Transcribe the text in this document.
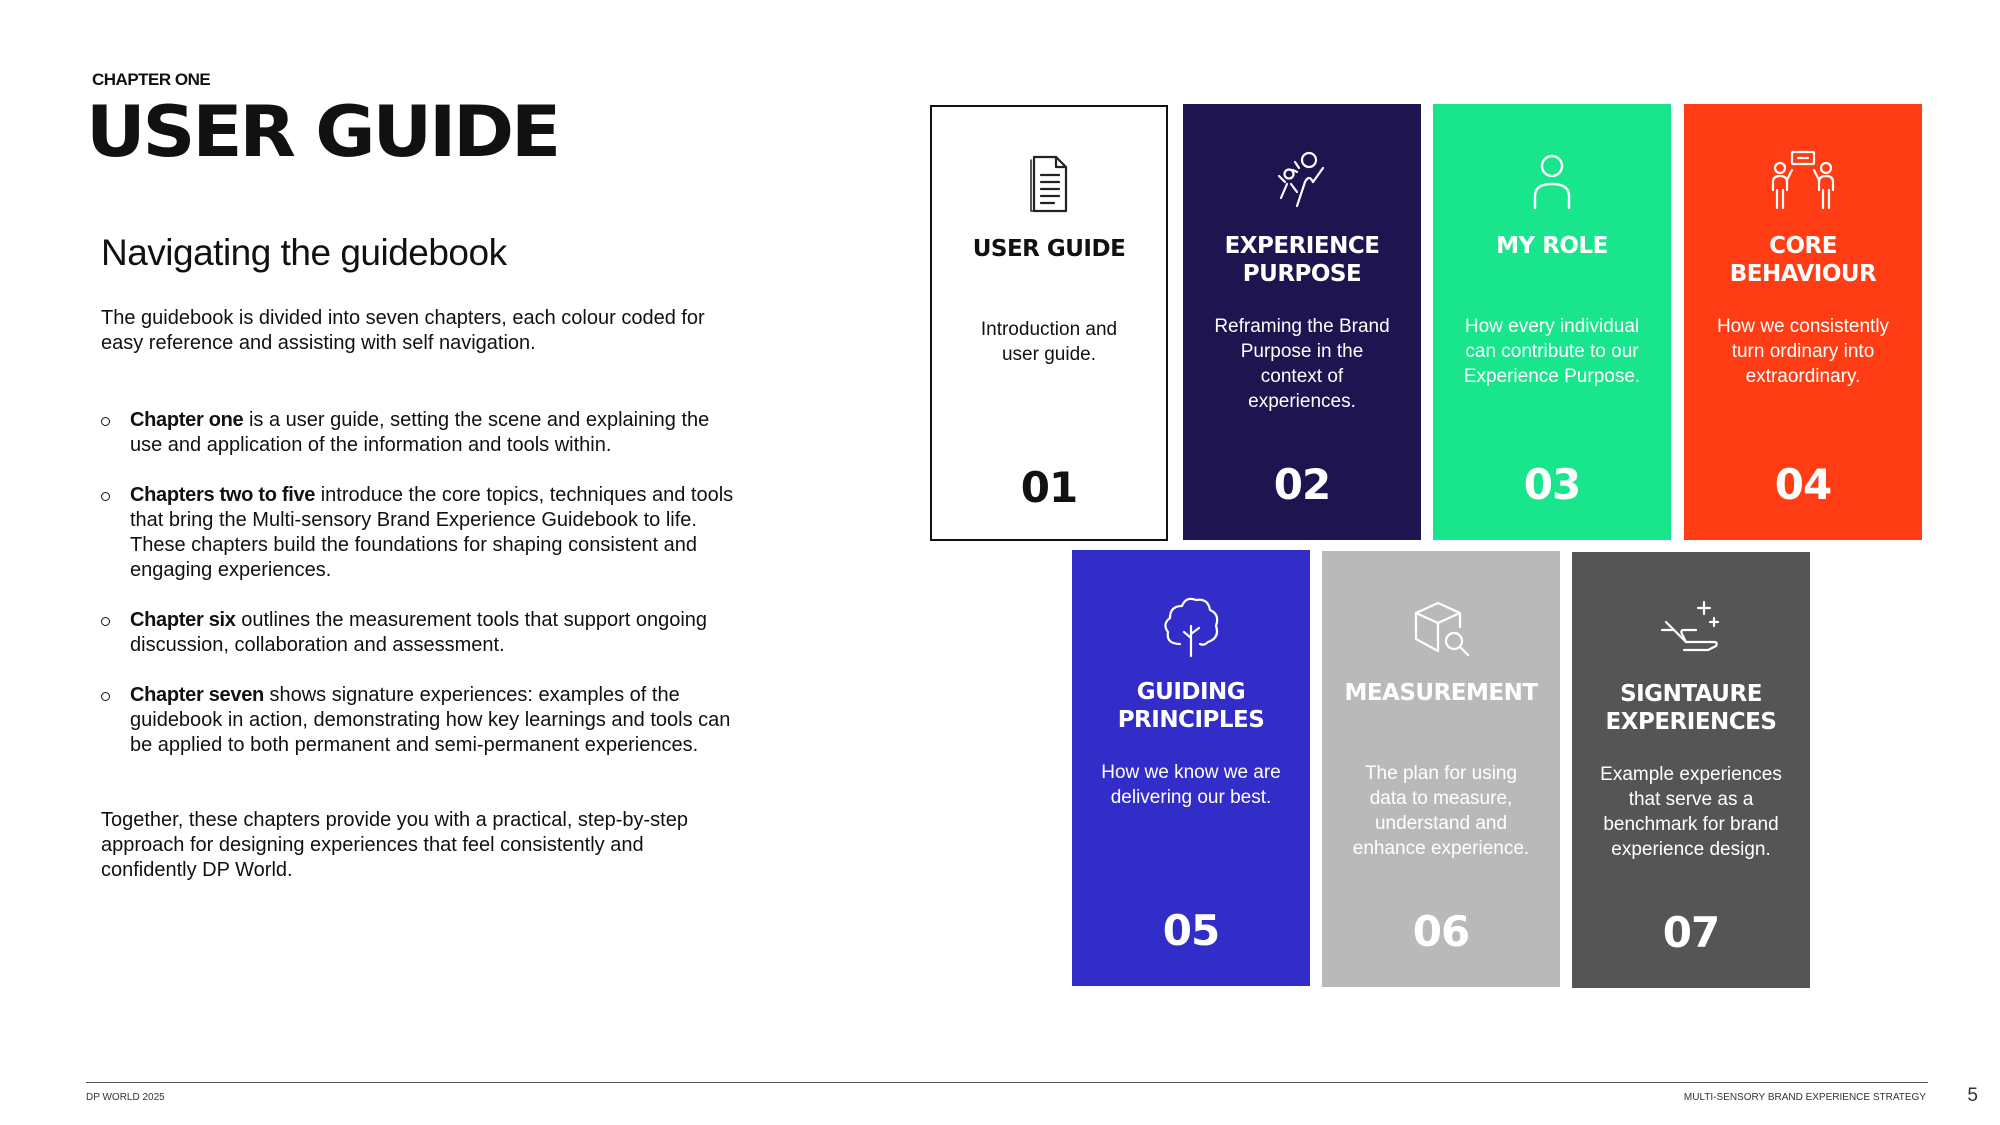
CHAPTER ONE
USER GUIDE
Navigating the guidebook

The guidebook is divided into seven chapters, each colour coded for easy reference and assisting with self navigation.

Chapter one is a user guide, setting the scene and explaining the use and application of the information and tools within.
Chapters two to five introduce the core topics, techniques and tools that bring the Multi-sensory Brand Experience Guidebook to life. These chapters build the foundations for shaping consistent and engaging experiences.
Chapter six outlines the measurement tools that support ongoing discussion, collaboration and assessment.
Chapter seven shows signature experiences: examples of the guidebook in action, demonstrating how key learnings and tools can be applied to both permanent and semi-permanent experiences.

Together, these chapters provide you with a practical, step-by-step approach for designing experiences that feel consistently and confidently DP World.

USER GUIDE
Introduction and user guide.
01
EXPERIENCE PURPOSE
Reframing the Brand Purpose in the context of experiences.
02
MY ROLE
How every individual can contribute to our Experience Purpose.
03
CORE BEHAVIOUR
How we consistently turn ordinary into extraordinary.
04
GUIDING PRINCIPLES
How we know we are delivering our best.
05
MEASUREMENT
The plan for using data to measure, understand and enhance experience.
06
SIGNTAURE EXPERIENCES
Example experiences that serve as a benchmark for brand experience design.
07
DP WORLD 2025	MULTI-SENSORY BRAND EXPERIENCE STRATEGY 5
